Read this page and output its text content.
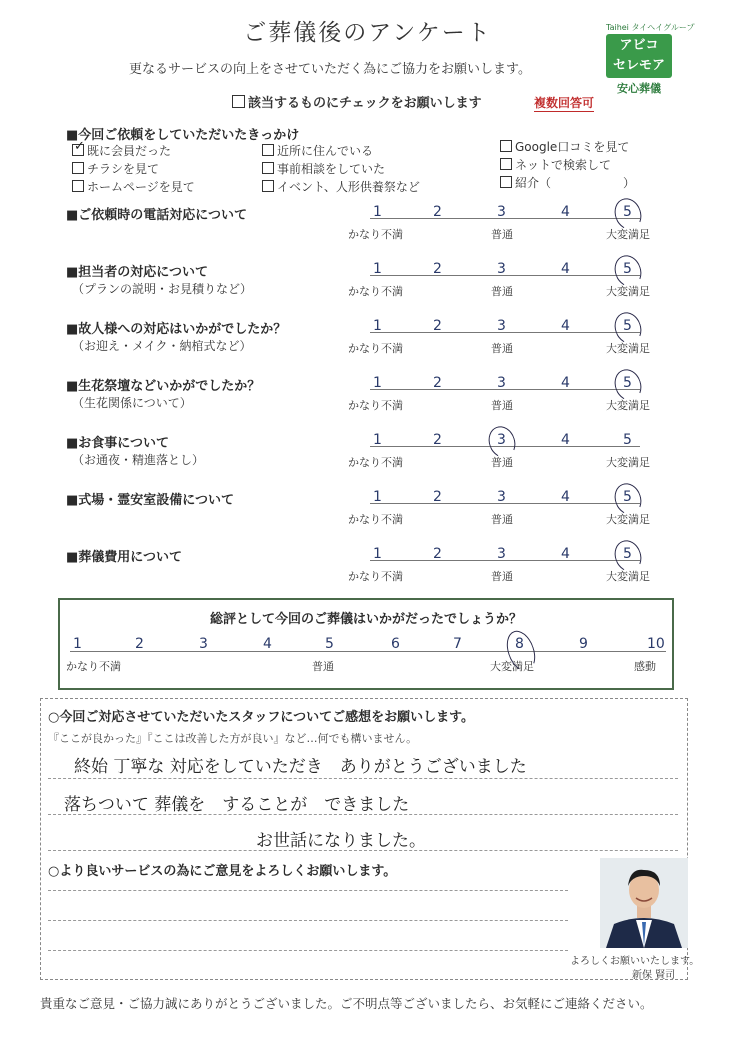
ご葬儀後のアンケート
更なるサービスの向上をさせていただく為にご協力をお願いします。
Taihei タイヘイグループ
アビコ
セレモア
安心葬儀
該当するものにチェックをお願いします	複数回答可
■今回ご依頼をしていただいたきっかけ
総評として今回のご葬儀はいかがだったでしょうか？
○今回ご対応させていただいたスタッフについてご感想をお願いします。
『ここが良かった』『ここは改善した方が良い』など…何でも構いません。
終始 丁寧な 対応をしていただき　ありがとうございました
落ちついて 葬儀を　することが　できました
お世話になりました。
○より良いサービスの為にご意見をよろしくお願いします。
よろしくお願いいたします。
新保 賢司
貴重なご意見・ご協力誠にありがとうございました。ご不明点等ございましたら、お気軽にご連絡ください。
✓ 既に会員だった
チラシを見て
ホームページを見て
近所に住んでいる
事前相談をしていた
イベント、人形供養祭など
Google口コミを見て
ネットで検索して
紹介（　　　　　　）
■ご依頼時の電話対応について	1	2	3	4	5
かなり不満	普通	大変満足
■担当者の対応について
（プランの説明・お見積りなど）
1	2	3	4	5
かなり不満	普通	大変満足
■故人様への対応はいかがでしたか？
（お迎え・メイク・納棺式など）
1	2	3	4	5
かなり不満	普通	大変満足
■生花祭壇などいかがでしたか？
（生花関係について）
1	2	3	4	5
かなり不満	普通	大変満足
■お食事について
（お通夜・精進落とし）
1	2	3	4	5
かなり不満	普通	大変満足
■式場・霊安室設備について	1	2	3	4	5
かなり不満	普通	大変満足
■葬儀費用について	1	2	3	4	5
かなり不満	普通	大変満足
1	2	3	4	5	6	7	8	9	10
かなり不満	普通	大変満足	感動
